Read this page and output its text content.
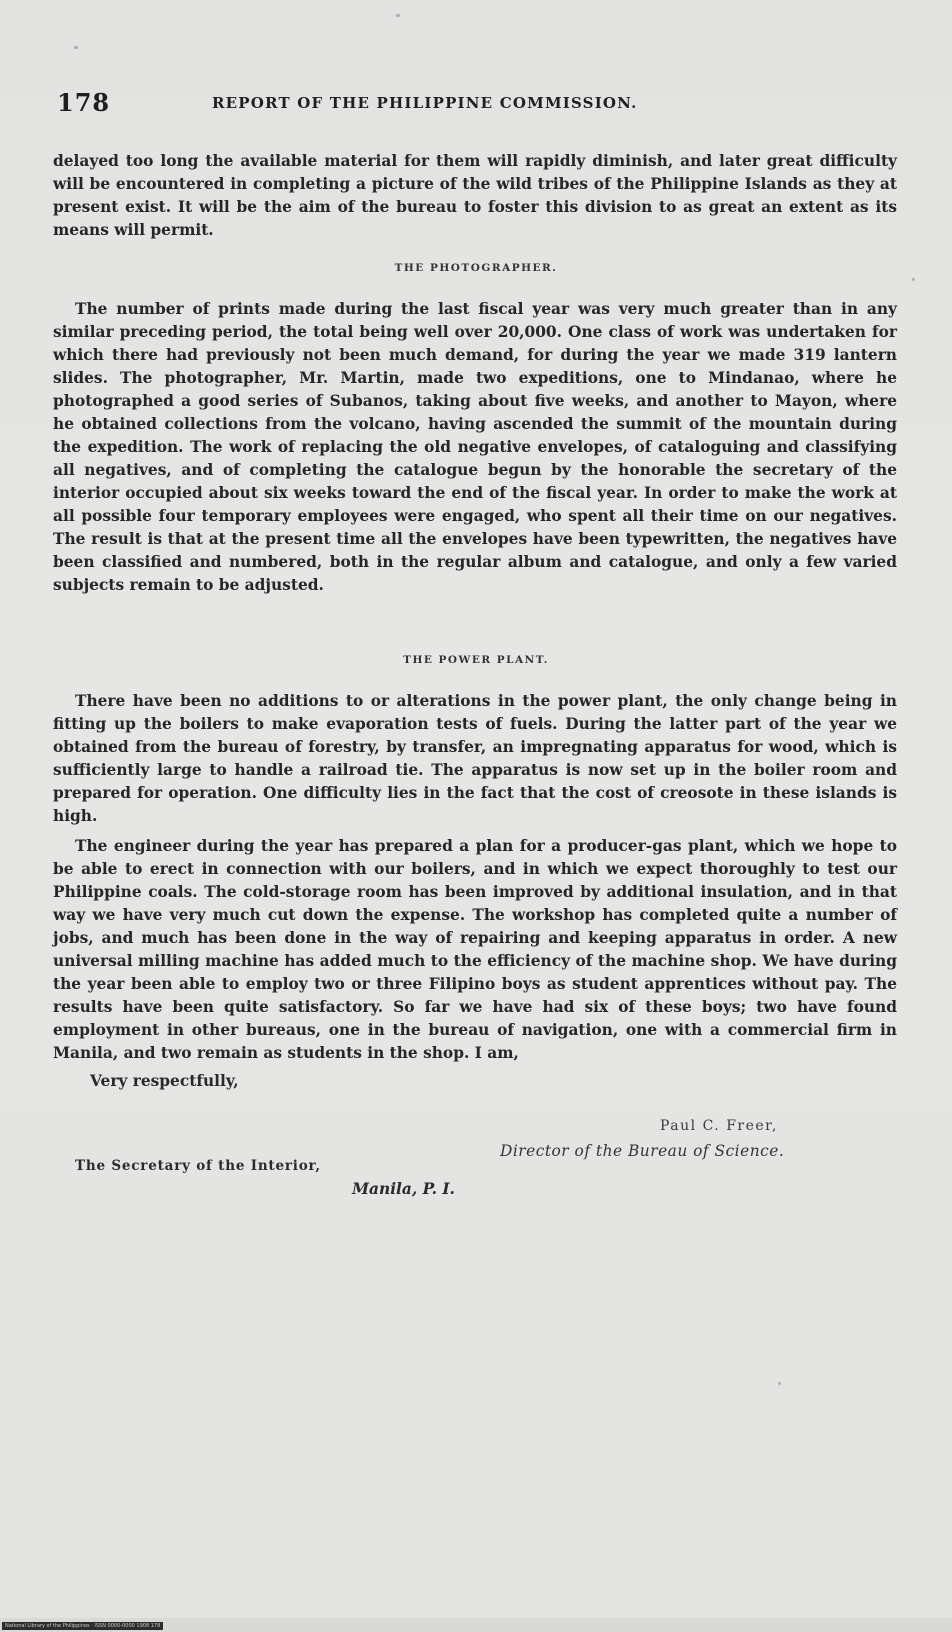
178	REPORT OF THE PHILIPPINE COMMISSION.

delayed too long the available material for them will rapidly diminish, and later great difficulty will be encountered in completing a picture of the wild tribes of the Philippine Islands as they at present exist. It will be the aim of the bureau to foster this division to as great an extent as its means will permit.

THE PHOTOGRAPHER.

The number of prints made during the last fiscal year was very much greater than in any similar preceding period, the total being well over 20,000. One class of work was undertaken for which there had previously not been much demand, for during the year we made 319 lantern slides. The photographer, Mr. Martin, made two expeditions, one to Mindanao, where he photographed a good series of Subanos, taking about five weeks, and another to Mayon, where he obtained collections from the volcano, having ascended the summit of the mountain during the expedition. The work of replacing the old negative envelopes, of cataloguing and classifying all negatives, and of completing the catalogue begun by the honorable the secretary of the interior occupied about six weeks toward the end of the fiscal year. In order to make the work at all possible four temporary employees were engaged, who spent all their time on our negatives. The result is that at the present time all the envelopes have been typewritten, the negatives have been classified and numbered, both in the regular album and catalogue, and only a few varied subjects remain to be adjusted.

THE POWER PLANT.

There have been no additions to or alterations in the power plant, the only change being in fitting up the boilers to make evaporation tests of fuels. During the latter part of the year we obtained from the bureau of forestry, by transfer, an impregnating apparatus for wood, which is sufficiently large to handle a railroad tie. The apparatus is now set up in the boiler room and prepared for operation. One difficulty lies in the fact that the cost of creosote in these islands is high.

The engineer during the year has prepared a plan for a producer-gas plant, which we hope to be able to erect in connection with our boilers, and in which we expect thoroughly to test our Philippine coals. The cold-storage room has been improved by additional insulation, and in that way we have very much cut down the expense. The workshop has completed quite a number of jobs, and much has been done in the way of repairing and keeping apparatus in order. A new universal milling machine has added much to the efficiency of the machine shop. We have during the year been able to employ two or three Filipino boys as student apprentices without pay. The results have been quite satisfactory. So far we have had six of these boys; two have found employment in other bureaus, one in the bureau of navigation, one with a commercial firm in Manila, and two remain as students in the shop. I am,

Very respectfully,
Paul C. Freer,
Director of the Bureau of Science.
The Secretary of the Interior,
Manila, P. I.
National Library of the Philippines · ISSN 0000-0000 1908 178
